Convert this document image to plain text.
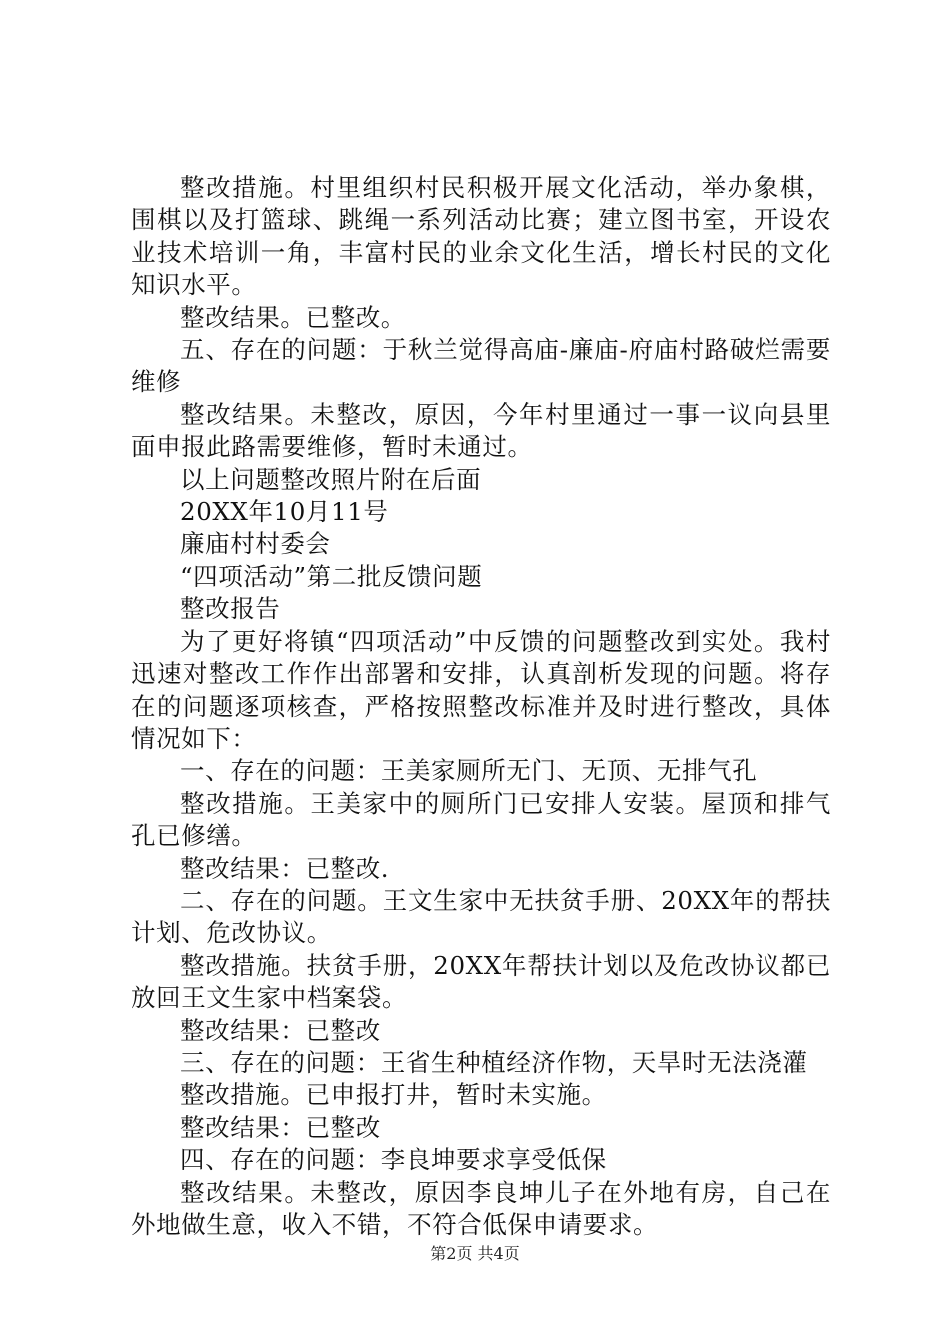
整改措施。村里组织村民积极开展文化活动，举办象棋，围棋以及打篮球、跳绳一系列活动比赛；建立图书室，开设农业技术培训一角，丰富村民的业余文化生活，增长村民的文化知识水平。

整改结果。已整改。

五、存在的问题：于秋兰觉得高庙-廉庙-府庙村路破烂需要维修

整改结果。未整改，原因，今年村里通过一事一议向县里面申报此路需要维修，暂时未通过。

以上问题整改照片附在后面

20XX年10月11号

廉庙村村委会

“四项活动”第二批反馈问题

整改报告

为了更好将镇“四项活动”中反馈的问题整改到实处。我村迅速对整改工作作出部署和安排，认真剖析发现的问题。将存在的问题逐项核查，严格按照整改标准并及时进行整改，具体情况如下：

一、存在的问题：王美家厕所无门、无顶、无排气孔

整改措施。王美家中的厕所门已安排人安装。屋顶和排气孔已修缮。

整改结果：已整改.

二、存在的问题。王文生家中无扶贫手册、20XX年的帮扶计划、危改协议。

整改措施。扶贫手册，20XX年帮扶计划以及危改协议都已放回王文生家中档案袋。

整改结果：已整改

三、存在的问题：王省生种植经济作物，天旱时无法浇灌

整改措施。已申报打井，暂时未实施。

整改结果：已整改

四、存在的问题：李良坤要求享受低保

整改结果。未整改，原因李良坤儿子在外地有房，自己在外地做生意，收入不错，不符合低保申请要求。

第2页 共4页
